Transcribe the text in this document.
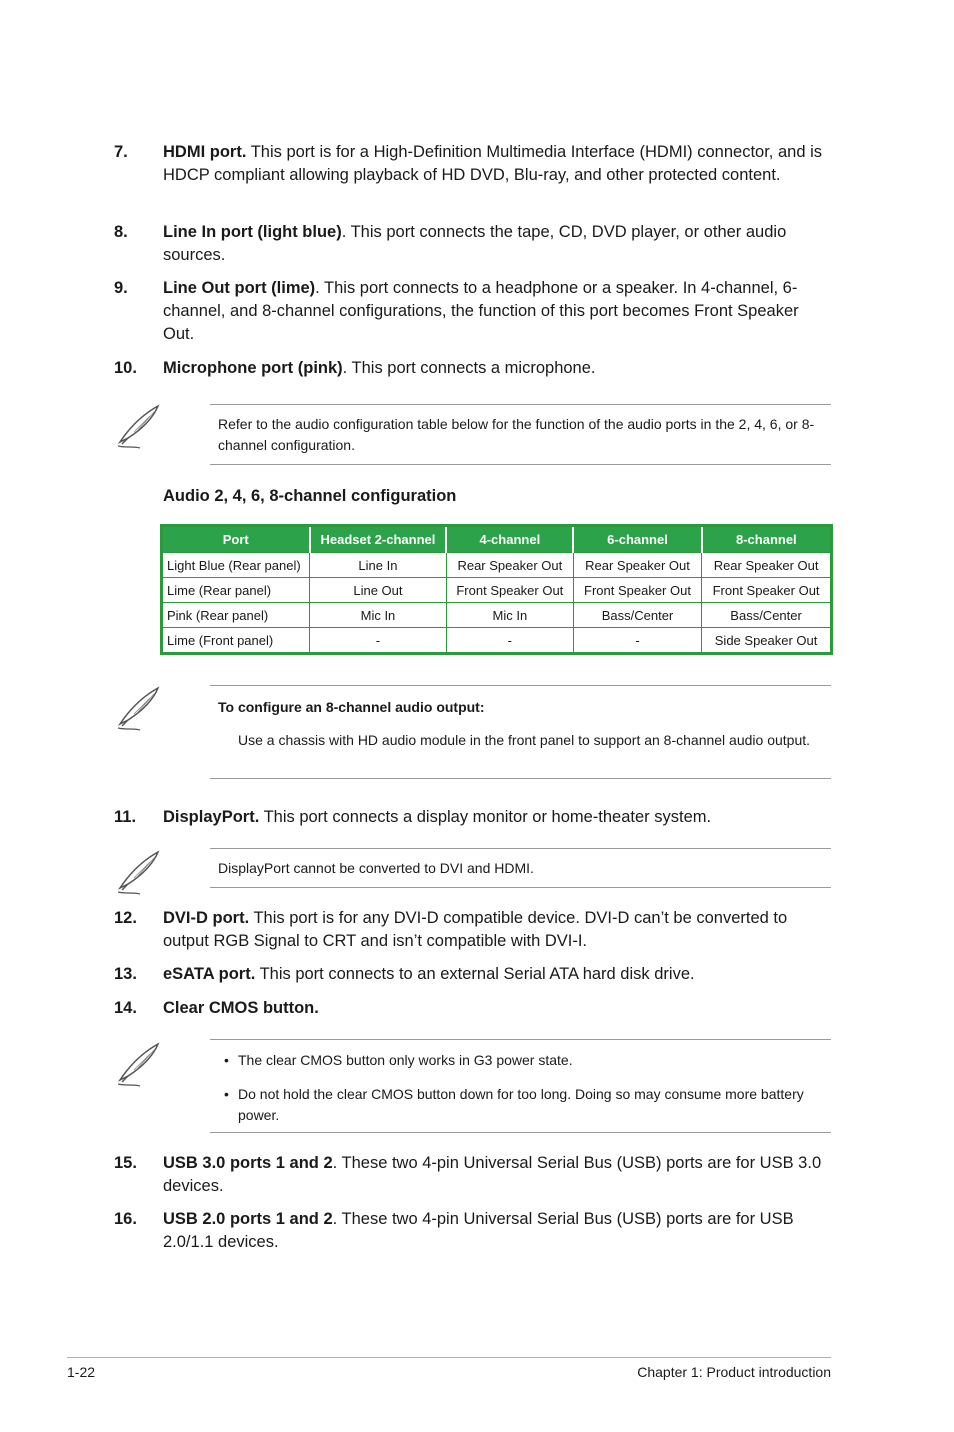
7. HDMI port. This port is for a High-Definition Multimedia Interface (HDMI) connector, and is HDCP compliant allowing playback of HD DVD, Blu-ray, and other protected content.
8. Line In port (light blue). This port connects the tape, CD, DVD player, or other audio sources.
9. Line Out port (lime). This port connects to a headphone or a speaker. In 4-channel, 6-channel, and 8-channel configurations, the function of this port becomes Front Speaker Out.
10. Microphone port (pink). This port connects a microphone.
Refer to the audio configuration table below for the function of the audio ports in the 2, 4, 6, or 8-channel configuration.
Audio 2, 4, 6, 8-channel configuration
Port	Headset 2-channel	4-channel	6-channel	8-channel
Light Blue (Rear panel)	Line In	Rear Speaker Out	Rear Speaker Out	Rear Speaker Out
Lime (Rear panel)	Line Out	Front Speaker Out	Front Speaker Out	Front Speaker Out
Pink (Rear panel)	Mic In	Mic In	Bass/Center	Bass/Center
Lime (Front panel)	-	-	-	Side Speaker Out
To configure an 8-channel audio output:
Use a chassis with HD audio module in the front panel to support an 8-channel audio output.
11. DisplayPort. This port connects a display monitor or home-theater system.
DisplayPort cannot be converted to DVI and HDMI.
12. DVI-D port. This port is for any DVI-D compatible device. DVI-D can’t be converted to output RGB Signal to CRT and isn’t compatible with DVI-I.
13. eSATA port. This port connects to an external Serial ATA hard disk drive.
14. Clear CMOS button.
• The clear CMOS button only works in G3 power state.
• Do not hold the clear CMOS button down for too long. Doing so may consume more battery power.
15. USB 3.0 ports 1 and 2. These two 4-pin Universal Serial Bus (USB) ports are for USB 3.0 devices.
16. USB 2.0 ports 1 and 2. These two 4-pin Universal Serial Bus (USB) ports are for USB 2.0/1.1 devices.
1-22	Chapter 1: Product introduction
